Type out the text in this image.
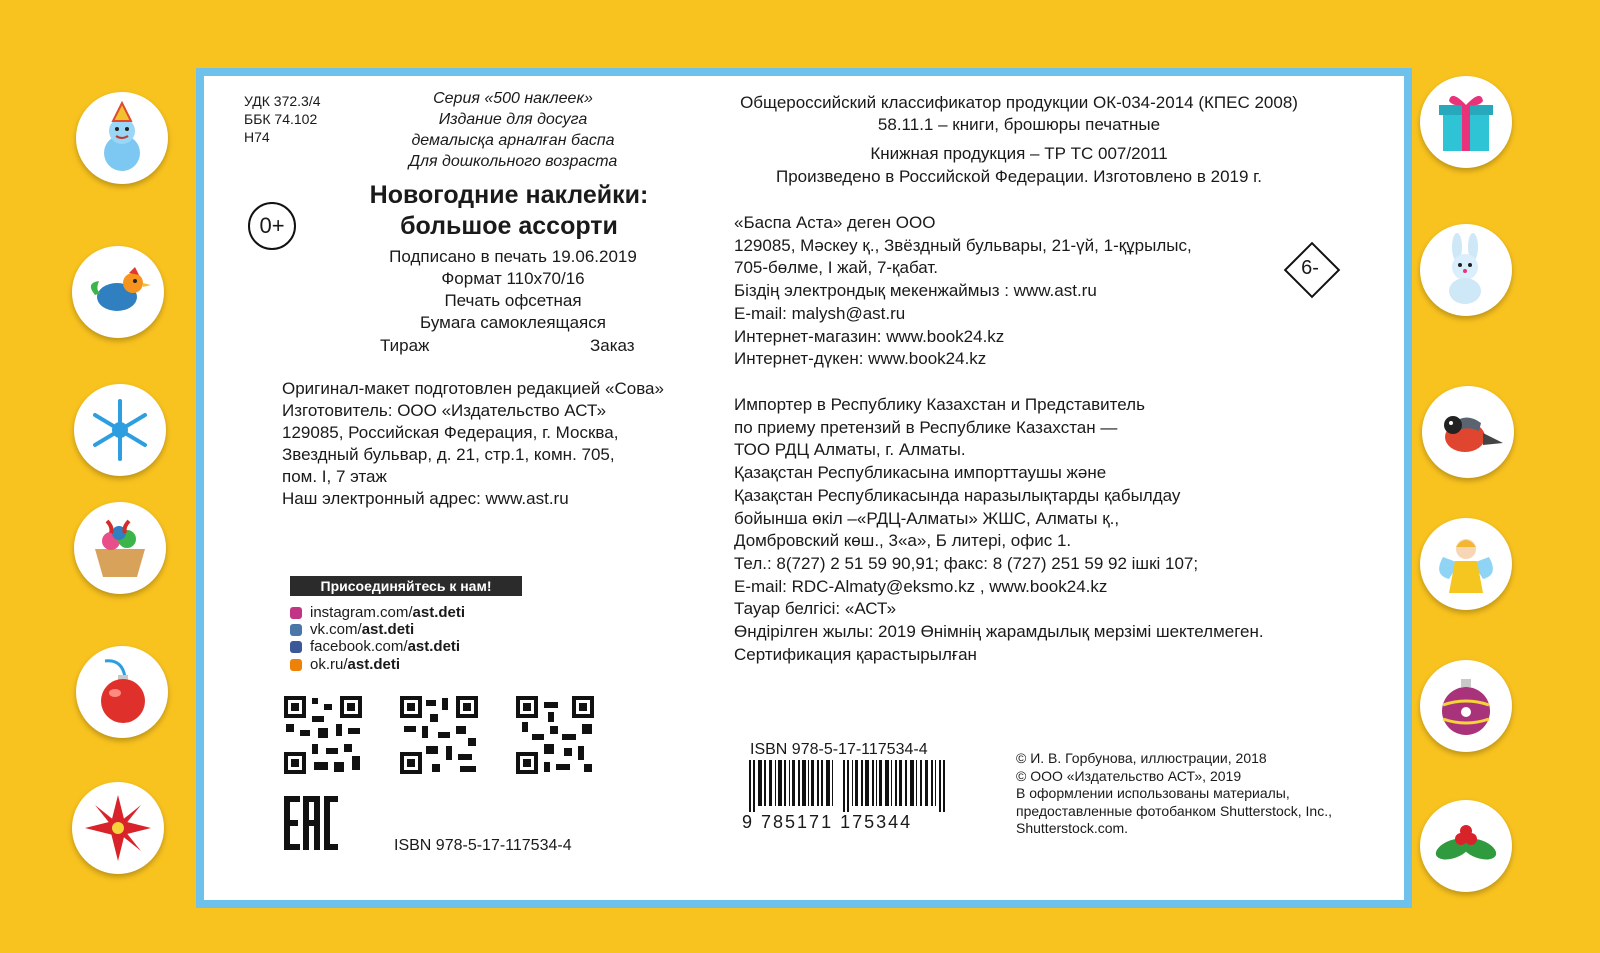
УДК 372.3/4
ББК 74.102
Н74
Серия «500 наклеек»
Издание для досуга
демалысқа арналған баспа
Для дошкольного возраста
0+
Новогодние наклейки:
большое ассорти
Подписано в печать 19.06.2019
Формат 110х70/16
Печать офсетная
Бумага самоклеящаяся
Тираж	Заказ
Оригинал-макет подготовлен редакцией «Сова»
Изготовитель: ООО «Издательство АСТ»
129085, Российская Федерация, г. Москва,
Звездный бульвар, д. 21, стр.1, комн. 705,
пом. I, 7 этаж
Наш электронный адрес: www.ast.ru
Присоединяйтесь к нам!
instagram.com/ ast.deti
vk.com/ ast.deti
facebook.com/ ast.deti
ok.ru/ ast.deti
ISBN 978-5-17-117534-4
Общероссийский классификатор продукции ОК-034-2014 (КПЕС 2008)
58.11.1 – книги, брошюры печатные
Книжная продукция – ТР ТС 007/2011
Произведено в Российской Федерации. Изготовлено в 2019 г.
6-
«Баспа Аста» деген ООО
129085, Мәскеу қ., Звёздный бульвары, 21-үй, 1-құрылыс,
705-бөлме, I жай, 7-қабат.
Біздің электрондық мекенжаймыз : www.ast.ru
E-mail: malysh@ast.ru
Интернет-магазин: www.book24.kz
Интернет-дүкен: www.book24.kz
Импортер в Республику Казахстан и Представитель
по приему претензий в Республике Казахстан —
ТОО РДЦ Алматы, г. Алматы.
Қазақстан Республикасына импорттаушы және
Қазақстан Республикасында наразылықтарды қабылдау
бойынша өкіл –«РДЦ-Алматы» ЖШС, Алматы қ.,
Домбровский көш., 3«а», Б литері, офис 1.
Тел.: 8(727) 2 51 59 90,91; факс: 8 (727) 251 59 92 ішкі 107;
E-mail: RDC-Almaty@eksmo.kz , www.book24.kz
Тауар белгісі: «АСТ»
Өндірілген жылы: 2019 Өнімнің жарамдылық мерзімі шектелмеген.
Сертификация қарастырылған
ISBN 978-5-17-117534-4
9 785171 175344
© И. В. Горбунова, иллюстрации, 2018
© ООО «Издательство АСТ», 2019
В оформлении использованы материалы,
предоставленные фотобанком Shutterstock, Inc.,
Shutterstock.com.
